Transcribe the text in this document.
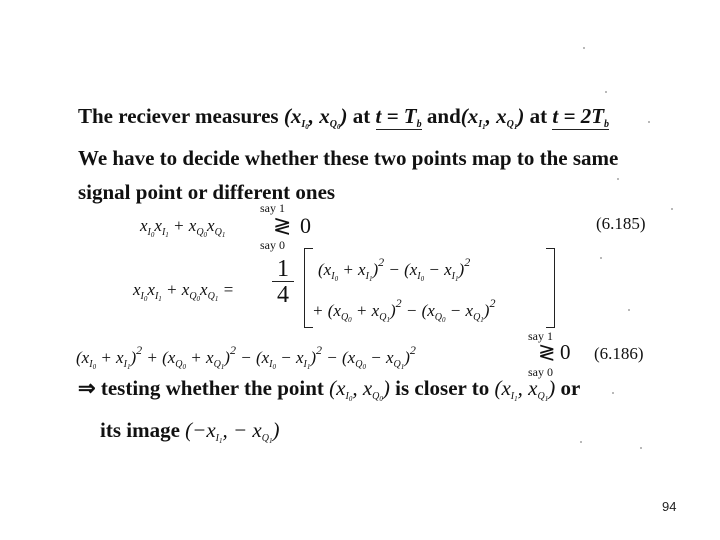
The reciever measures ($x_{I_0}$, $x_{Q_0}$) at $t = T_b$ $and(x_{I_1}$, $x_{Q_1}$) at $t = 2T_b$
We have to decide whether these two points map to the same
signal point or different ones
say 1
$x_{I_0}x_{I_1} + x_{Q_0}x_{Q_1}$ ≷ 0
say 0
(6.185)
$x_{I_0}x_{I_1} + x_{Q_0}x_{Q_1} = \frac{1}{4} (x_{I_0} + x_{I_1})^2 - (x_{I_0} - x_{I_1})^2$
+ $(x_{Q_0} + x_{Q_1})^2 - (x_{Q_0} - x_{Q_1})^2$
say 1
$(x_{I_0} + x_{I_1})^2 + (x_{Q_0} + x_{Q_1})^2 - (x_{I_0} - x_{I_1})^2 - (x_{Q_0} - x_{Q_1})^2$	≷ 0
say 0
(6.186)
⇒ testing whether the point ($x_{I_0}$, $x_{Q_0}$) is closer to ($x_{I_1}$, $x_{Q_1}$) or
its image ($-x_{I_1}$, − $x_{Q_1}$)
94
